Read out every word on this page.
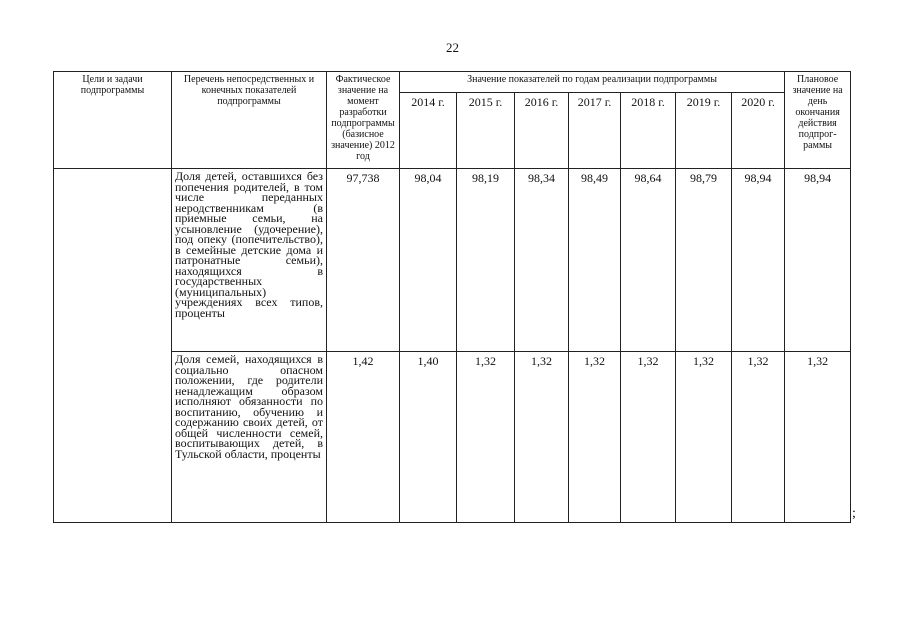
22
Цели и задачи подпрограммы	Перечень непосредственных и конечных показателей подпрограммы	Фактическое значение на момент разработки подпрограммы (базисное значение) 2012 год	Значение показателей по годам реализации подпрограммы							Плановое значение на день окончания действия подпрог-раммы
			2014 г.	2015 г.	2016 г.	2017 г.	2018 г.	2019 г.	2020 г.	
	Доля детей, оставшихся без попечения родителей, в том числе переданных неродственникам (в приемные семьи, на усыновление (удочерение), под опеку (попечительство), в семейные детские дома и патронатные семьи), находящихся в государственных (муниципальных) учреждениях всех типов, проценты	97,738	98,04	98,19	98,34	98,49	98,64	98,79	98,94	98,94
	Доля семей, находящихся в социально опасном положении, где родители ненадлежащим образом исполняют обязанности по воспитанию, обучению и содержанию своих детей, от общей численности семей, воспитывающих детей, в Тульской области, проценты	1,42	1,40	1,32	1,32	1,32	1,32	1,32	1,32	1,32
;
